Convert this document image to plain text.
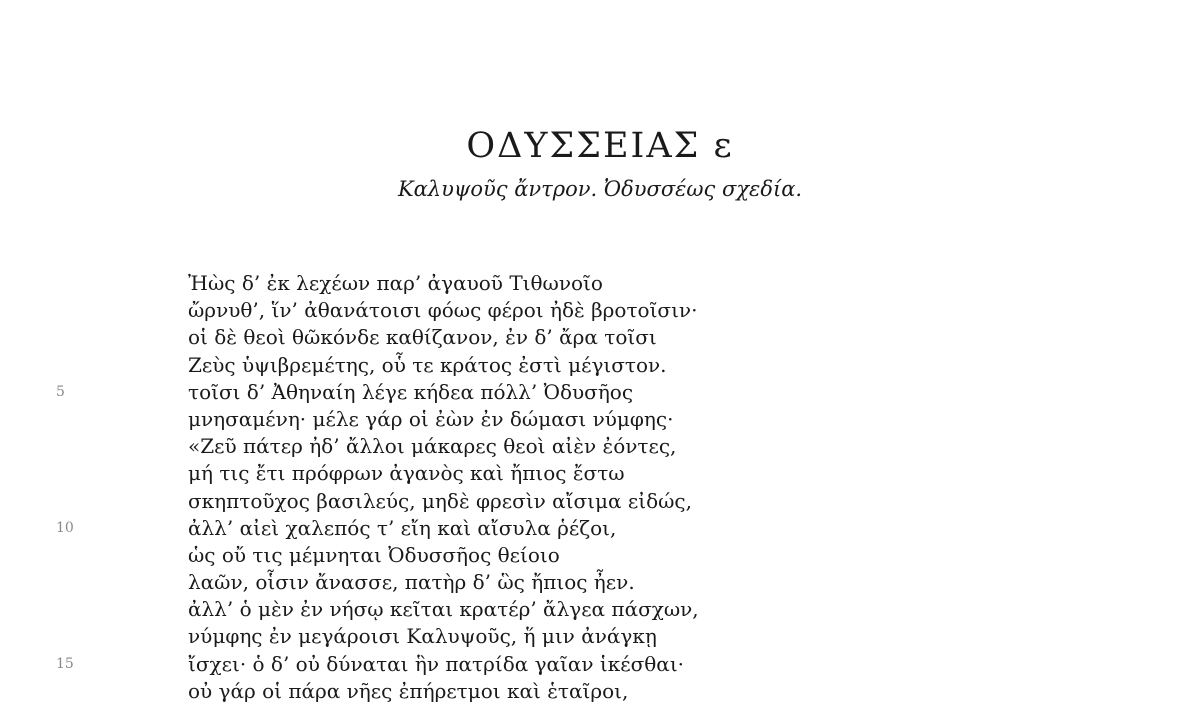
ΟΔΥΣΣΕΙΑΣ ε
Καλυψοῦς ἄντρον. Ὀδυσσέως σχεδία.
Ἠὼς δ’ ἐκ λεχέων παρ’ ἀγαυοῦ Τιθωνοῖο
ὤρνυθ’, ἵν’ ἀθανάτοισι φόως φέροι ἠδὲ βροτοῖσιν·
οἱ δὲ θεοὶ θῶκόνδε καθίζανον, ἐν δ’ ἄρα τοῖσι
Ζεὺς ὑψιβρεμέτης, οὗ τε κράτος ἐστὶ μέγιστον.
5	τοῖσι δ’ Ἀθηναίη λέγε κήδεα πόλλ’ Ὀδυσῆος
μνησαμένη· μέλε γάρ οἱ ἐὼν ἐν δώμασι νύμφης·
«Ζεῦ πάτερ ἠδ’ ἄλλοι μάκαρες θεοὶ αἰὲν ἐόντες,
μή τις ἔτι πρόφρων ἀγανὸς καὶ ἤπιος ἔστω
σκηπτοῦχος βασιλεύς, μηδὲ φρεσὶν αἴσιμα εἰδώς,
10	ἀλλ’ αἰεὶ χαλεπός τ’ εἴη καὶ αἴσυλα ῥέζοι,
ὡς οὔ τις μέμνηται Ὀδυσσῆος θείοιο
λαῶν, οἷσιν ἄνασσε, πατὴρ δ’ ὣς ἤπιος ἦεν.
ἀλλ’ ὁ μὲν ἐν νήσῳ κεῖται κρατέρ’ ἄλγεα πάσχων,
νύμφης ἐν μεγάροισι Καλυψοῦς, ἥ μιν ἀνάγκῃ
15	ἴσχει· ὁ δ’ οὐ δύναται ἣν πατρίδα γαῖαν ἱκέσθαι·
οὐ γάρ οἱ πάρα νῆες ἐπήρετμοι καὶ ἑταῖροι,
